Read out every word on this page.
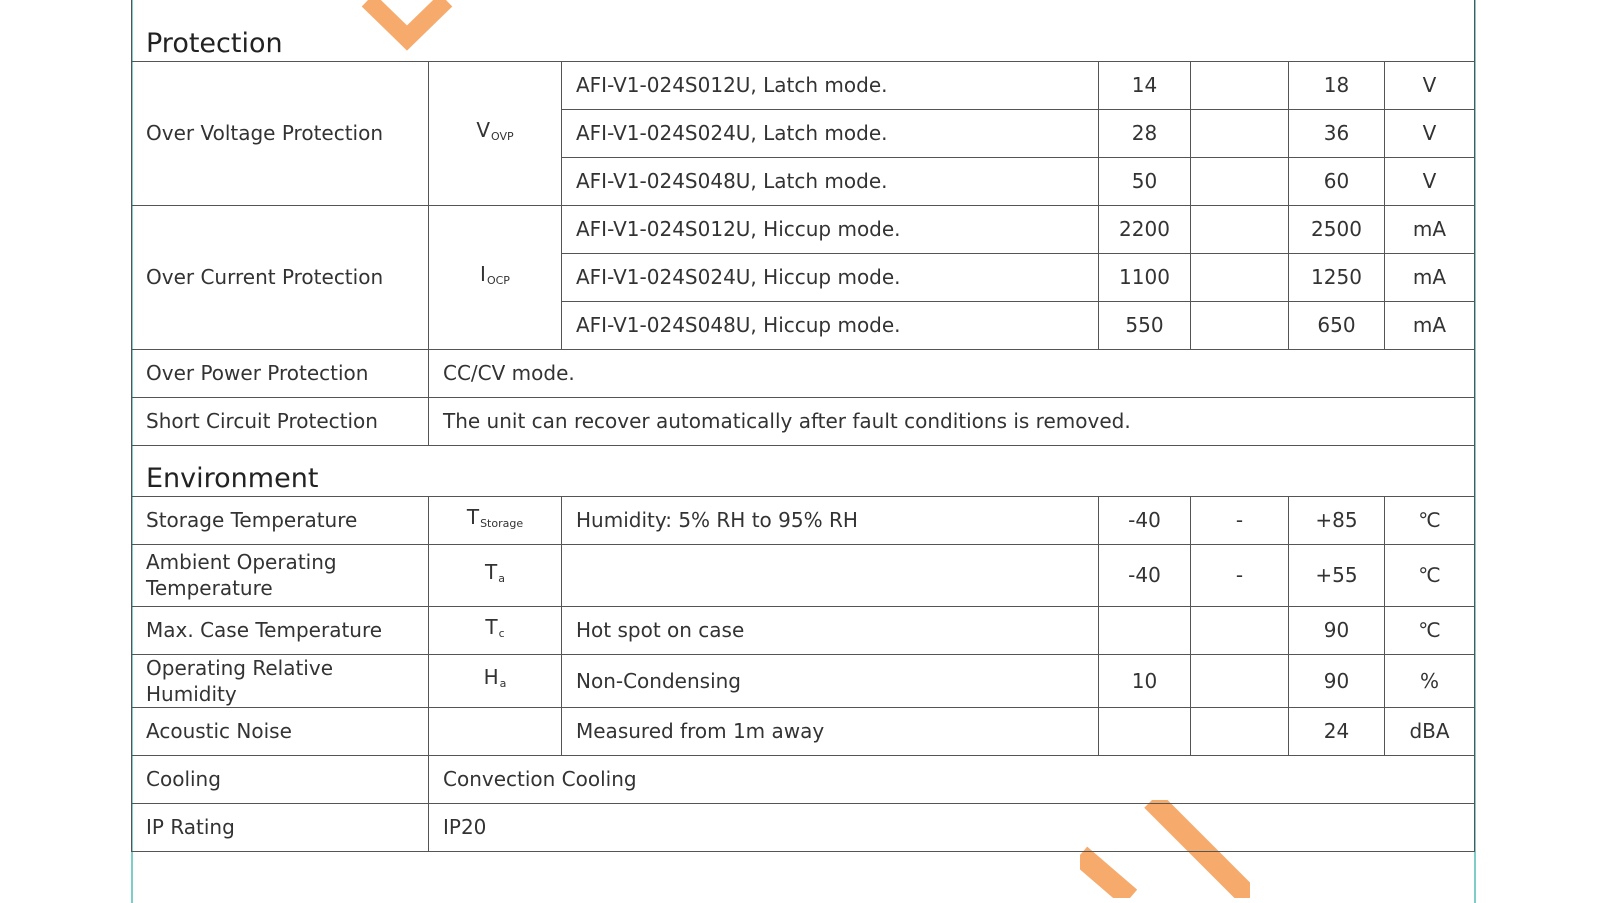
Protection						
Over Voltage Protection	$V_{OVP}$	AFI-V1-024S012U, Latch mode.	14		18	V
		AFI-V1-024S024U, Latch mode.	28		36	V
		AFI-V1-024S048U, Latch mode.	50		60	V
Over Current Protection	$I_{OCP}$	AFI-V1-024S012U, Hiccup mode.	2200		2500	mA
		AFI-V1-024S024U, Hiccup mode.	1100		1250	mA
		AFI-V1-024S048U, Hiccup mode.	550		650	mA
Over Power Protection	CC/CV mode.					
Short Circuit Protection	The unit can recover automatically after fault conditions is removed.					
Environment						
Storage Temperature	$T_{Storage}$	Humidity: 5% RH to 95% RH	-40	-	+85	℃
Ambient Operating Temperature	$T_a$		-40	-	+55	℃
Max. Case Temperature	$T_c$	Hot spot on case			90	℃
Operating Relative Humidity	$H_a$	Non-Condensing	10		90	%
Acoustic Noise		Measured from 1m away			24	dBA
Cooling	Convection Cooling					
IP Rating	IP20					
